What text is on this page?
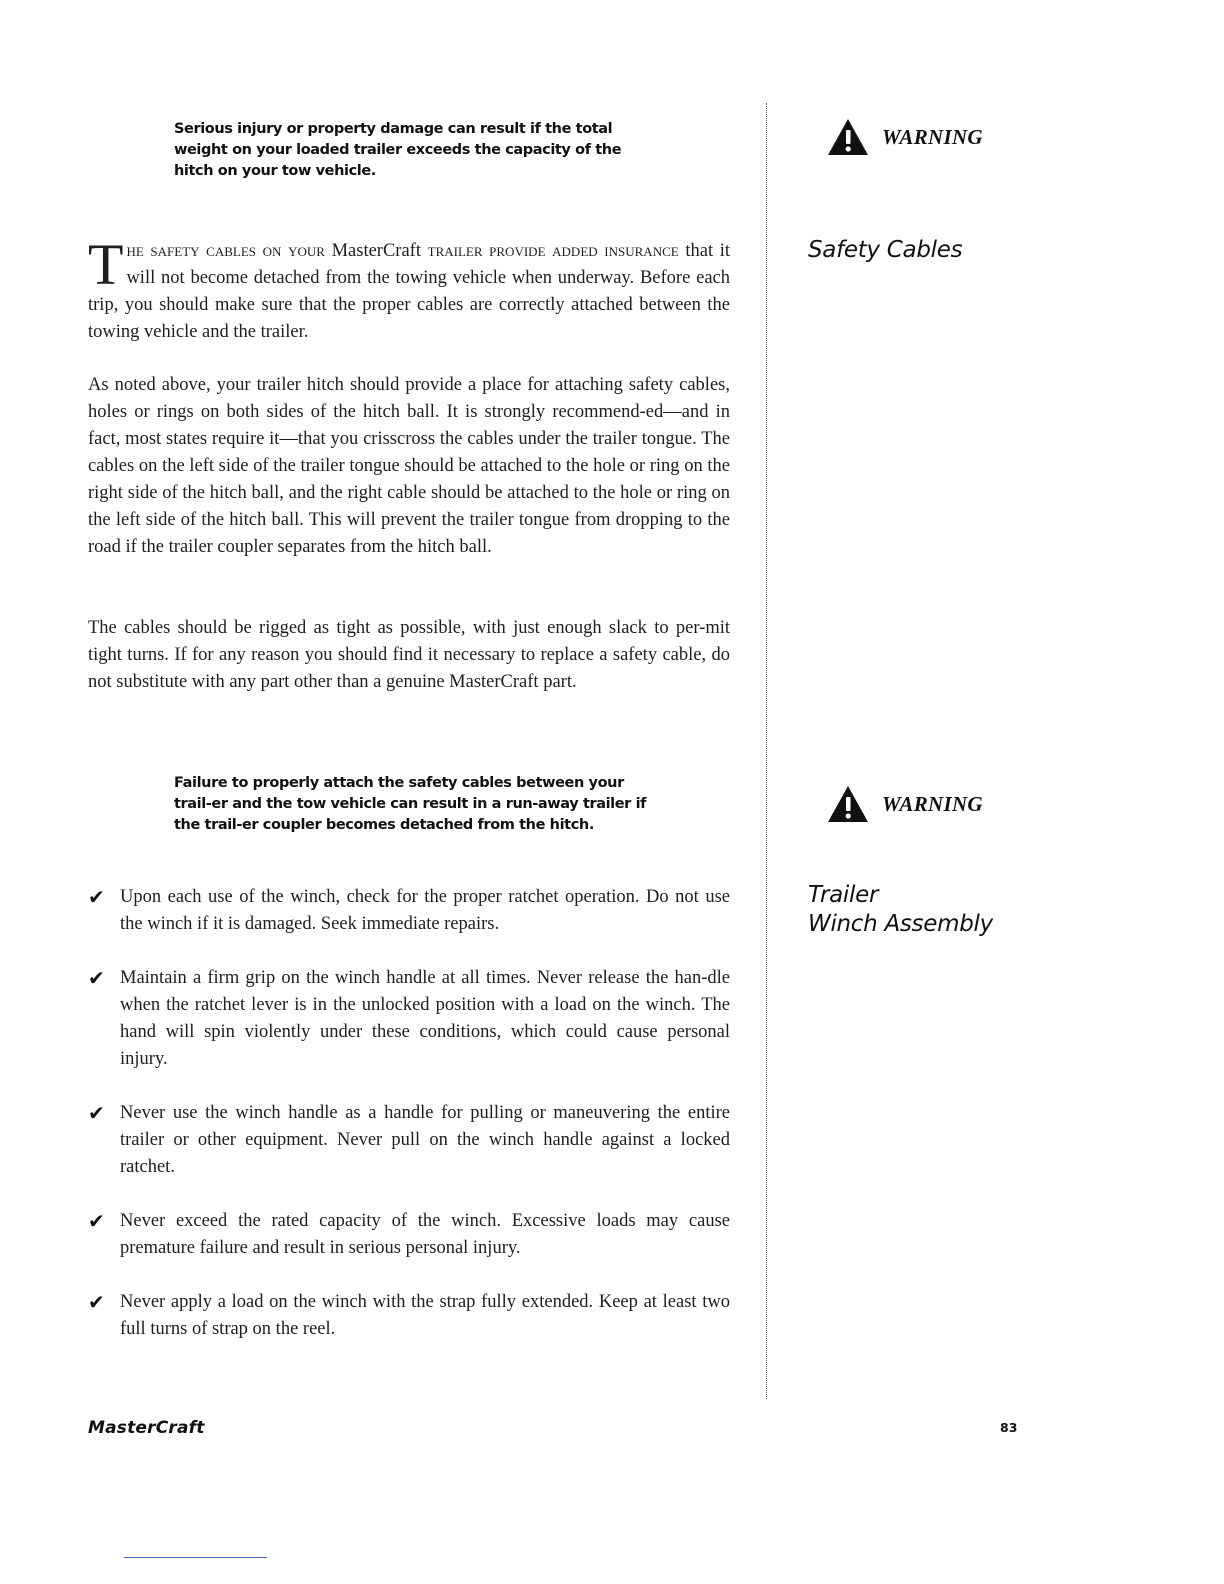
Serious injury or property damage can result if the total weight on your loaded trailer exceeds the capacity of the hitch on your tow vehicle.

The safety cables on your MasterCraft trailer provide added insurance that it will not become detached from the towing vehicle when underway. Before each trip, you should make sure that the proper cables are correctly attached between the towing vehicle and the trailer.

As noted above, your trailer hitch should provide a place for attaching safety cables, holes or rings on both sides of the hitch ball. It is strongly recommend-ed—and in fact, most states require it—that you crisscross the cables under the trailer tongue. The cables on the left side of the trailer tongue should be attached to the hole or ring on the right side of the hitch ball, and the right cable should be attached to the hole or ring on the left side of the hitch ball. This will prevent the trailer tongue from dropping to the road if the trailer coupler separates from the hitch ball.

The cables should be rigged as tight as possible, with just enough slack to per-mit tight turns. If for any reason you should find it necessary to replace a safety cable, do not substitute with any part other than a genuine MasterCraft part.

Failure to properly attach the safety cables between your trail-er and the tow vehicle can result in a run-away trailer if the trail-er coupler becomes detached from the hitch.
✔ Upon each use of the winch, check for the proper ratchet operation. Do not use the winch if it is damaged. Seek immediate repairs.
✔ Maintain a firm grip on the winch handle at all times. Never release the han-dle when the ratchet lever is in the unlocked position with a load on the winch. The hand will spin violently under these conditions, which could cause personal injury.
✔ Never use the winch handle as a handle for pulling or maneuvering the entire trailer or other equipment. Never pull on the winch handle against a locked ratchet.
✔ Never exceed the rated capacity of the winch. Excessive loads may cause premature failure and result in serious personal injury.
✔ Never apply a load on the winch with the strap fully extended. Keep at least two full turns of strap on the reel.
WARNING
Safety Cables
WARNING
Trailer
Winch Assembly
MasterCraft	83
